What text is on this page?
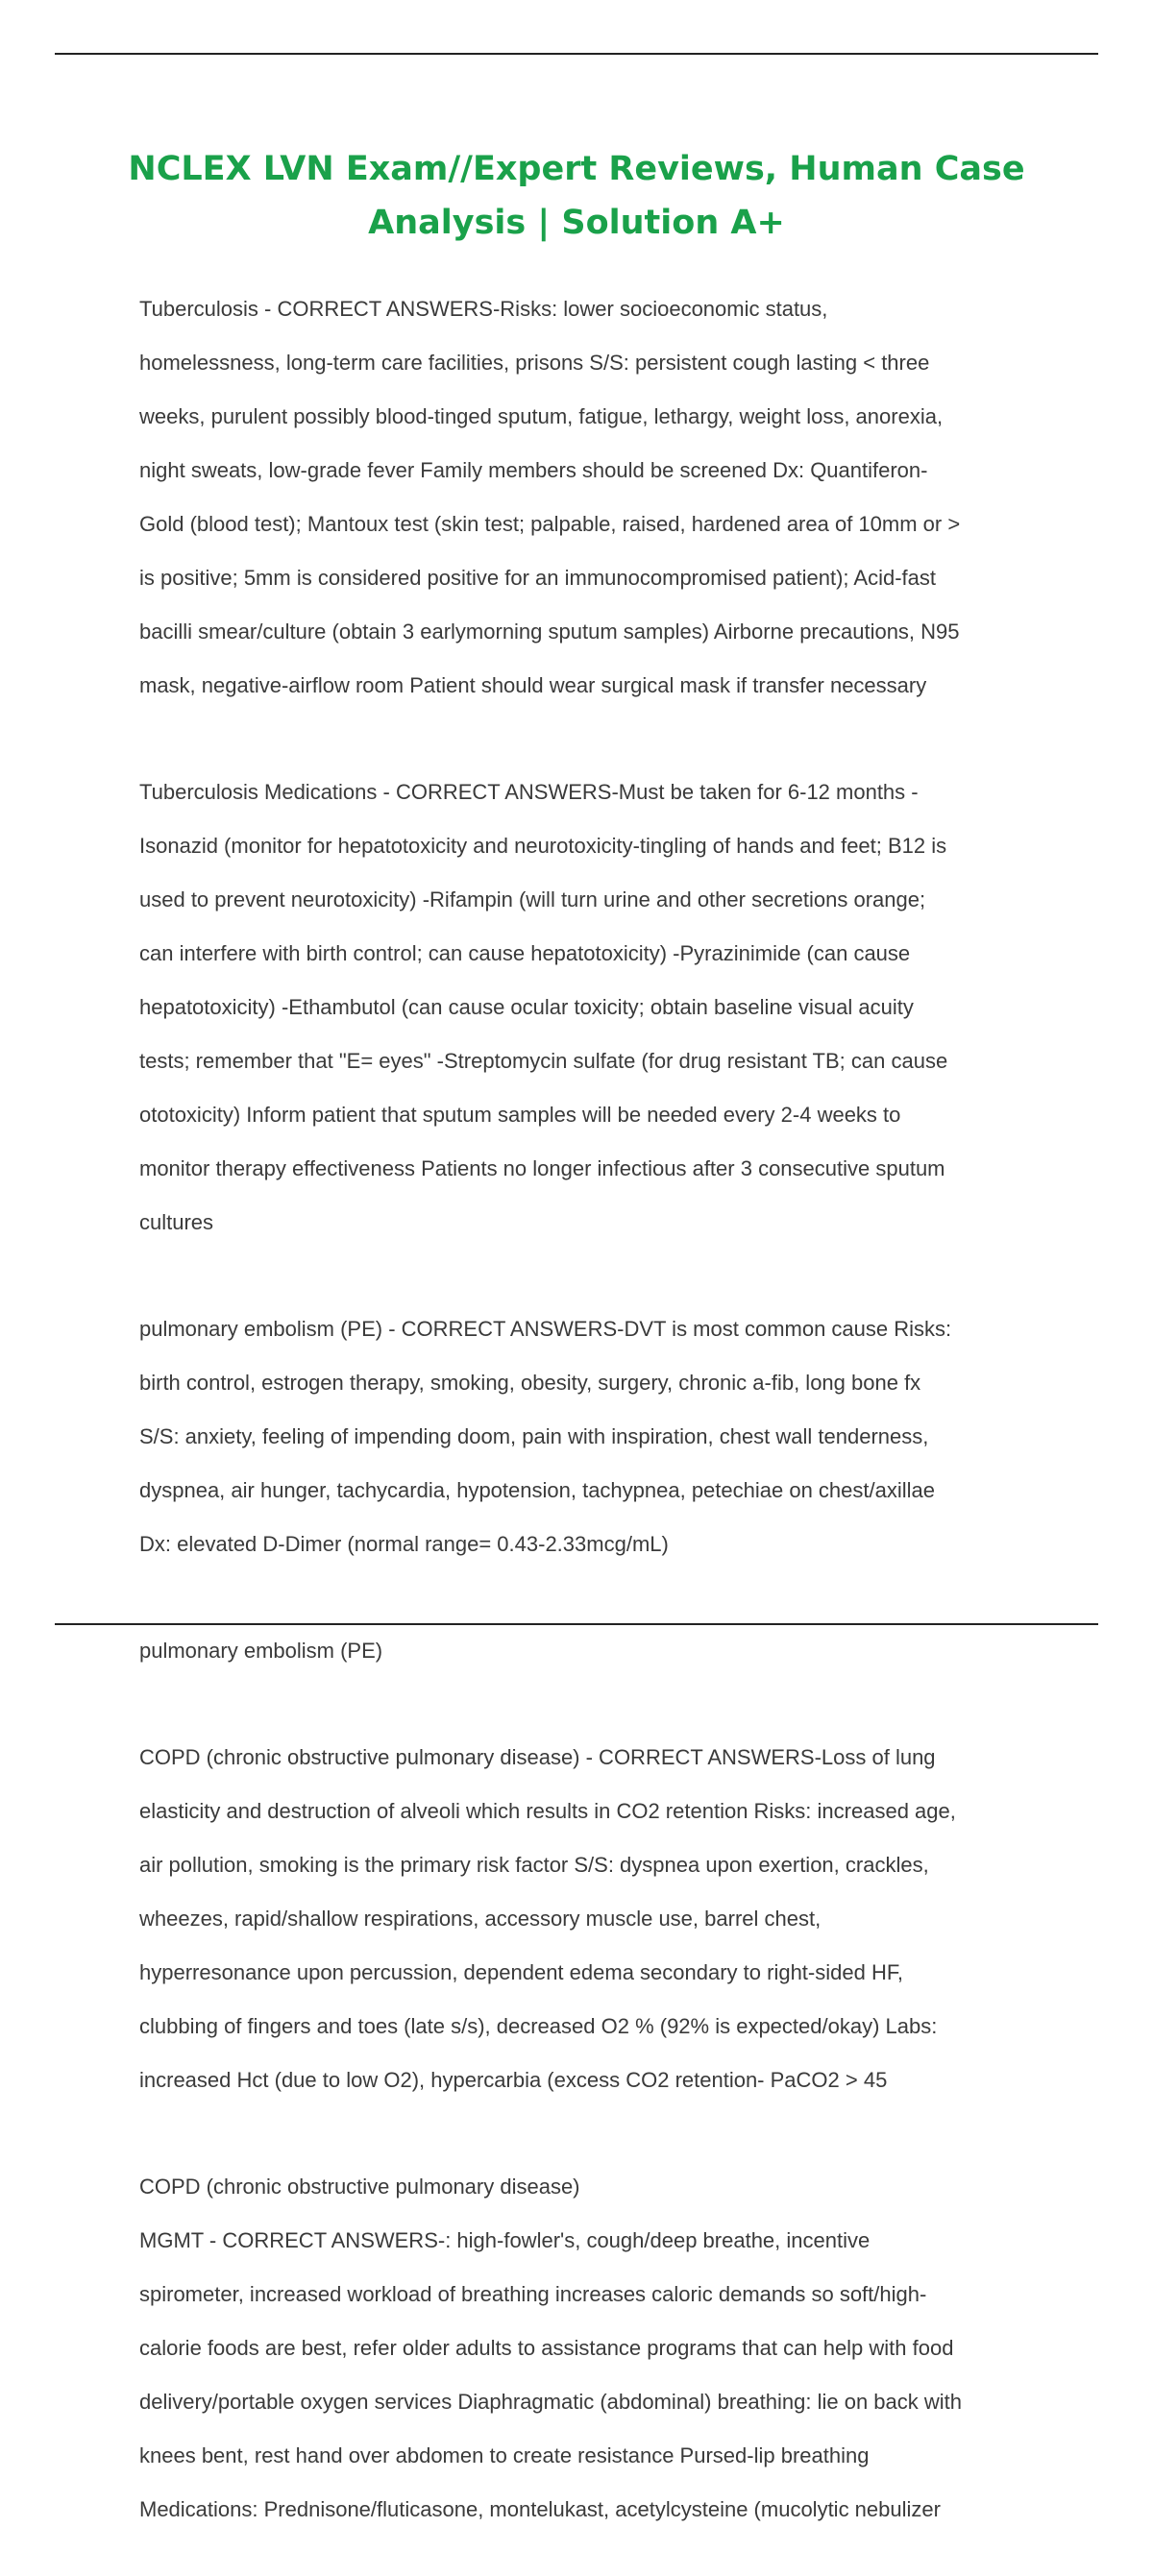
NCLEX LVN Exam//Expert Reviews, Human Case
Analysis | Solution A+

Tuberculosis - CORRECT ANSWERS-Risks: lower socioeconomic status,

homelessness, long-term care facilities, prisons S/S: persistent cough lasting < three

weeks, purulent possibly blood-tinged sputum, fatigue, lethargy, weight loss, anorexia,

night sweats, low-grade fever Family members should be screened Dx: Quantiferon-

Gold (blood test); Mantoux test (skin test; palpable, raised, hardened area of 10mm or >

is positive; 5mm is considered positive for an immunocompromised patient); Acid-fast

bacilli smear/culture (obtain 3 earlymorning sputum samples) Airborne precautions, N95

mask, negative-airflow room Patient should wear surgical mask if transfer necessary

Tuberculosis Medications - CORRECT ANSWERS-Must be taken for 6-12 months -

Isonazid (monitor for hepatotoxicity and neurotoxicity-tingling of hands and feet; B12 is

used to prevent neurotoxicity) -Rifampin (will turn urine and other secretions orange;

can interfere with birth control; can cause hepatotoxicity) -Pyrazinimide (can cause

hepatotoxicity) -Ethambutol (can cause ocular toxicity; obtain baseline visual acuity

tests; remember that "E= eyes" -Streptomycin sulfate (for drug resistant TB; can cause

ototoxicity) Inform patient that sputum samples will be needed every 2-4 weeks to

monitor therapy effectiveness Patients no longer infectious after 3 consecutive sputum

cultures

pulmonary embolism (PE) - CORRECT ANSWERS-DVT is most common cause Risks:

birth control, estrogen therapy, smoking, obesity, surgery, chronic a-fib, long bone fx

S/S: anxiety, feeling of impending doom, pain with inspiration, chest wall tenderness,

dyspnea, air hunger, tachycardia, hypotension, tachypnea, petechiae on chest/axillae

Dx: elevated D-Dimer (normal range= 0.43-2.33mcg/mL)

pulmonary embolism (PE)

COPD (chronic obstructive pulmonary disease) - CORRECT ANSWERS-Loss of lung

elasticity and destruction of alveoli which results in CO2 retention Risks: increased age,

air pollution, smoking is the primary risk factor S/S: dyspnea upon exertion, crackles,

wheezes, rapid/shallow respirations, accessory muscle use, barrel chest,

hyperresonance upon percussion, dependent edema secondary to right-sided HF,

clubbing of fingers and toes (late s/s), decreased O2 % (92% is expected/okay) Labs:

increased Hct (due to low O2), hypercarbia (excess CO2 retention- PaCO2 > 45

COPD (chronic obstructive pulmonary disease)

MGMT - CORRECT ANSWERS-: high-fowler's, cough/deep breathe, incentive

spirometer, increased workload of breathing increases caloric demands so soft/high-

calorie foods are best, refer older adults to assistance programs that can help with food

delivery/portable oxygen services Diaphragmatic (abdominal) breathing: lie on back with

knees bent, rest hand over abdomen to create resistance Pursed-lip breathing

Medications: Prednisone/fluticasone, montelukast, acetylcysteine (mucolytic nebulizer
